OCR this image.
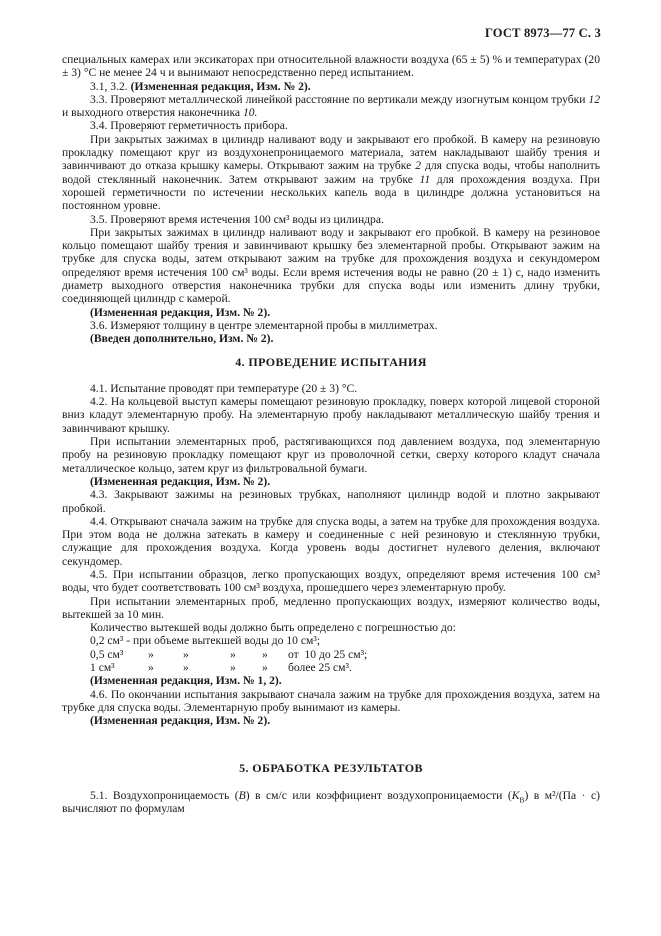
ГОСТ 8973—77 С. 3

специальных камерах или эксикаторах при относительной влажности воздуха (65 ± 5) % и температурах (20 ± 3) °С не менее 24 ч и вынимают непосредственно перед испытанием.

3.1, 3.2. (Измененная редакция, Изм. № 2).

3.3. Проверяют металлической линейкой расстояние по вертикали между изогнутым концом трубки 12 и выходного отверстия наконечника 10.

3.4. Проверяют герметичность прибора.

При закрытых зажимах в цилиндр наливают воду и закрывают его пробкой. В камеру на резиновую прокладку помещают круг из воздухонепроницаемого материала, затем накладывают шайбу трения и завинчивают до отказа крышку камеры. Открывают зажим на трубке 2 для спуска воды, чтобы наполнить водой стеклянный наконечник. Затем открывают зажим на трубке 11 для прохождения воздуха. При хорошей герметичности по истечении нескольких капель вода в цилиндре должна установиться на постоянном уровне.

3.5. Проверяют время истечения 100 см³ воды из цилиндра.

При закрытых зажимах в цилиндр наливают воду и закрывают его пробкой. В камеру на резиновое кольцо помещают шайбу трения и завинчивают крышку без элементарной пробы. Открывают зажим на трубке для спуска воды, затем открывают зажим на трубке для прохождения воздуха и секундомером определяют время истечения 100 см³ воды. Если время истечения воды не равно (20 ± 1) с, надо изменить диаметр выходного отверстия наконечника трубки для спуска воды или изменить длину трубки, соединяющей цилиндр с камерой.

(Измененная редакция, Изм. № 2).

3.6. Измеряют толщину в центре элементарной пробы в миллиметрах.

(Введен дополнительно, Изм. № 2).

4. ПРОВЕДЕНИЕ ИСПЫТАНИЯ

4.1. Испытание проводят при температуре (20 ± 3) °С.

4.2. На кольцевой выступ камеры помещают резиновую прокладку, поверх которой лицевой стороной вниз кладут элементарную пробу. На элементарную пробу накладывают металлическую шайбу трения и завинчивают крышку.

При испытании элементарных проб, растягивающихся под давлением воздуха, под элементарную пробу на резиновую прокладку помещают круг из проволочной сетки, сверху которого кладут сначала металлическое кольцо, затем круг из фильтровальной бумаги.

(Измененная редакция, Изм. № 2).

4.3. Закрывают зажимы на резиновых трубках, наполняют цилиндр водой и плотно закрывают пробкой.

4.4. Открывают сначала зажим на трубке для спуска воды, а затем на трубке для прохождения воздуха. При этом вода не должна затекать в камеру и соединенные с ней резиновую и стеклянную трубки, служащие для прохождения воздуха. Когда уровень воды достигнет нулевого деления, включают секундомер.

4.5. При испытании образцов, легко пропускающих воздух, определяют время истечения 100 см³ воды, что будет соответствовать 100 см³ воздуха, прошедшего через элементарную пробу.

При испытании элементарных проб, медленно пропускающих воздух, измеряют количество воды, вытекшей за 10 мин.

Количество вытекшей воды должно быть определено с погрешностью до:

0,2 см³ - при объеме вытекшей воды до 10 см³;

0,5 см³	»	»	»	»	от  10 до 25 см³;

1 см³	»	»	»	»	более 25 см³.

(Измененная редакция, Изм. № 1, 2).

4.6. По окончании испытания закрывают сначала зажим на трубке для прохождения воздуха, затем на трубке для спуска воды. Элементарную пробу вынимают из камеры.

(Измененная редакция, Изм. № 2).

5. ОБРАБОТКА РЕЗУЛЬТАТОВ

5.1. Воздухопроницаемость (B) в см/с или коэффициент воздухопроницаемости $(K_B)$ в м²/(Па · с) вычисляют по формулам
